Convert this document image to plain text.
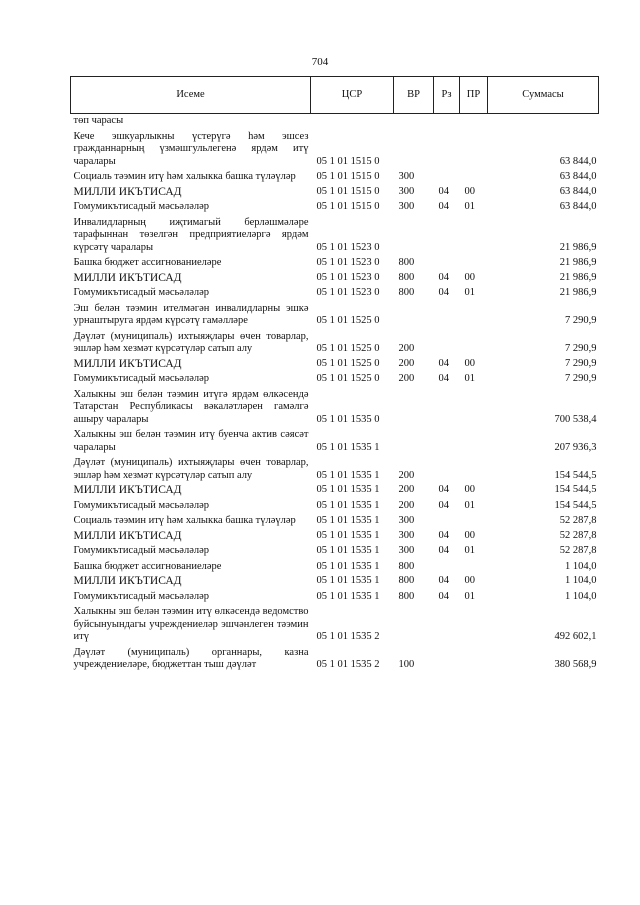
704
Исеме	ЦСР	ВР	Рз	ПР	Суммасы
төп чарасы					
Кече эшкуарлыкны үстерүгә һәм эшсез гражданнарның үзмәшгульлегенә ярдәм итү чаралары	05 1 01 1515 0				63 844,0
Социаль тәэмин итү һәм халыкка башка түләүләр	05 1 01 1515 0	300			63 844,0
МИЛЛИ ИКЪТИСАД	05 1 01 1515 0	300	04	00	63 844,0
Гомумикътисадый мәсьәләләр	05 1 01 1515 0	300	04	01	63 844,0
Инвалидларның иҗтимагый берләшмәләре тарафыннан төзелгән предприятиеләргә ярдәм күрсәтү чаралары	05 1 01 1523 0				21 986,9
Башка бюджет ассигнованиеләре	05 1 01 1523 0	800			21 986,9
МИЛЛИ ИКЪТИСАД	05 1 01 1523 0	800	04	00	21 986,9
Гомумикътисадый мәсьәләләр	05 1 01 1523 0	800	04	01	21 986,9
Эш белән тәэмин ителмәгән инвалидларны эшкә урнаштыруга ярдәм күрсәтү гамәлләре	05 1 01 1525 0				7 290,9
Дәүләт (муниципаль) ихтыяҗлары өчен товарлар, эшләр һәм хезмәт күрсәтүләр сатып алу	05 1 01 1525 0	200			7 290,9
МИЛЛИ ИКЪТИСАД	05 1 01 1525 0	200	04	00	7 290,9
Гомумикътисадый мәсьәләләр	05 1 01 1525 0	200	04	01	7 290,9
Халыкны эш белән тәэмин итүгә ярдәм өлкәсендә Татарстан Республикасы вәкаләтләрен гамәлгә ашыру чаралары	05 1 01 1535 0				700 538,4
Халыкны эш белән тәэмин итү буенча актив сәясәт чаралары	05 1 01 1535 1				207 936,3
Дәүләт (муниципаль) ихтыяҗлары өчен товарлар, эшләр һәм хезмәт күрсәтүләр сатып алу	05 1 01 1535 1	200			154 544,5
МИЛЛИ ИКЪТИСАД	05 1 01 1535 1	200	04	00	154 544,5
Гомумикътисадый мәсьәләләр	05 1 01 1535 1	200	04	01	154 544,5
Социаль тәэмин итү һәм халыкка башка түләүләр	05 1 01 1535 1	300			52 287,8
МИЛЛИ ИКЪТИСАД	05 1 01 1535 1	300	04	00	52 287,8
Гомумикътисадый мәсьәләләр	05 1 01 1535 1	300	04	01	52 287,8
Башка бюджет ассигнованиеләре	05 1 01 1535 1	800			1 104,0
МИЛЛИ ИКЪТИСАД	05 1 01 1535 1	800	04	00	1 104,0
Гомумикътисадый мәсьәләләр	05 1 01 1535 1	800	04	01	1 104,0
Халыкны эш белән тәэмин итү өлкәсендә ведомство буйсынуындагы учреждениеләр эшчәнлеген тәэмин итү	05 1 01 1535 2				492 602,1
Дәүләт (муниципаль) органнары, казна учреждениеләре, бюджеттан тыш дәүләт	05 1 01 1535 2	100			380 568,9
